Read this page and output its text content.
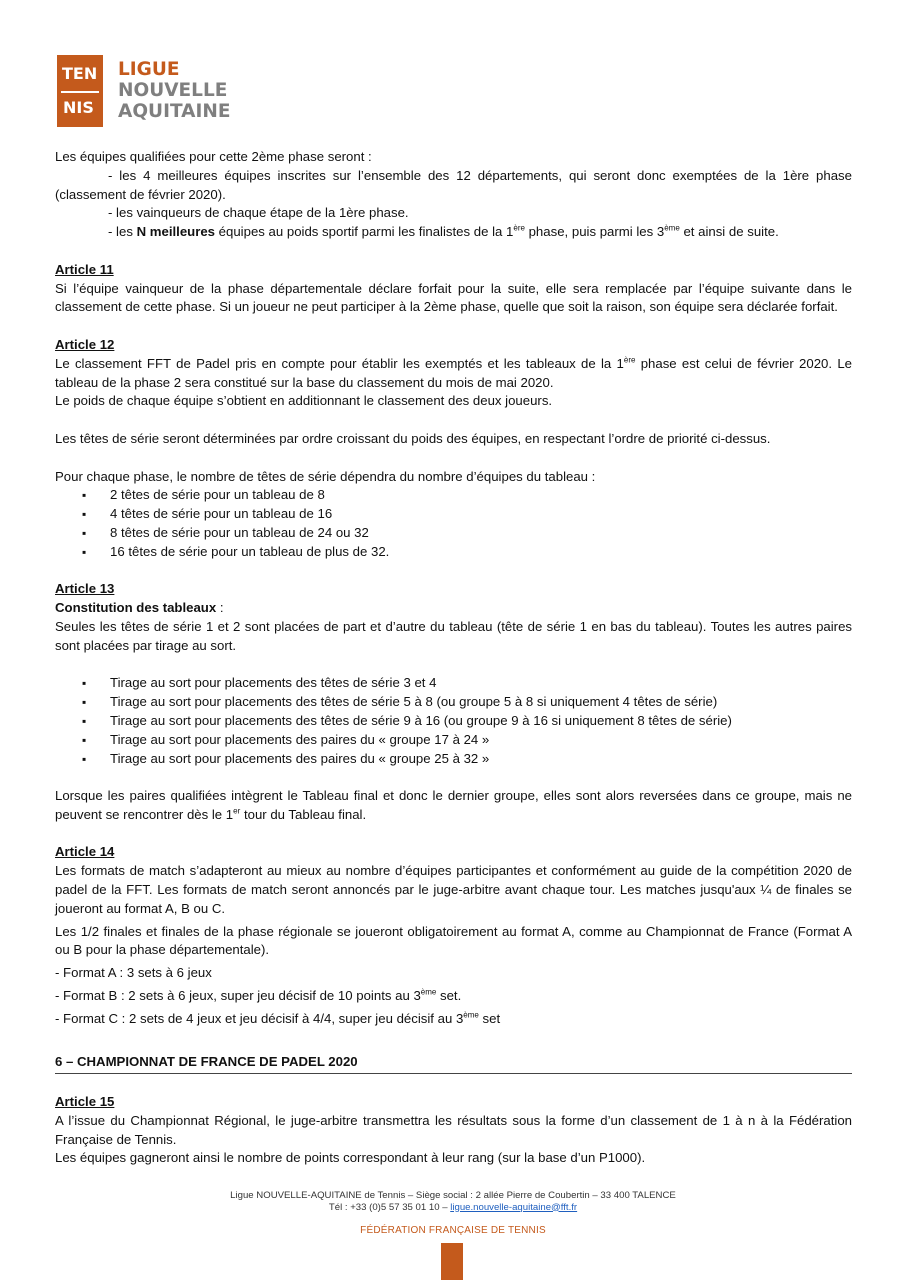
TEN
NIS
LIGUE
NOUVELLE
AQUITAINE

Les équipes qualifiées pour cette 2ème phase seront :

- les 4 meilleures équipes inscrites sur l’ensemble des 12 départements, qui seront donc exemptées de la 1ère phase (classement de février 2020).

- les vainqueurs de chaque étape de la 1ère phase.

- les N meilleures équipes au poids sportif parmi les finalistes de la 1ère phase, puis parmi les 3ème et ainsi de suite.

Article 11

Si l’équipe vainqueur de la phase départementale déclare forfait pour la suite, elle sera remplacée par l’équipe suivante dans le classement de cette phase. Si un joueur ne peut participer à la 2ème phase, quelle que soit la raison, son équipe sera déclarée forfait.

Article 12

Le classement FFT de Padel pris en compte pour établir les exemptés et les tableaux de la 1ère phase est celui de février 2020. Le tableau de la phase 2 sera constitué sur la base du classement du mois de mai 2020.

Le poids de chaque équipe s’obtient en additionnant le classement des deux joueurs.

Les têtes de série seront déterminées par ordre croissant du poids des équipes, en respectant l’ordre de priorité ci-dessus.

Pour chaque phase, le nombre de têtes de série dépendra du nombre d’équipes du tableau :

▪ 2 têtes de série pour un tableau de 8
▪ 4 têtes de série pour un tableau de 16
▪ 8 têtes de série pour un tableau de 24 ou 32
▪ 16 têtes de série pour un tableau de plus de 32.

Article 13

Constitution des tableaux :

Seules les têtes de série 1 et 2 sont placées de part et d’autre du tableau (tête de série 1 en bas du tableau). Toutes les autres paires sont placées par tirage au sort.

▪ Tirage au sort pour placements des têtes de série 3 et 4
▪ Tirage au sort pour placements des têtes de série 5 à 8 (ou groupe 5 à 8 si uniquement 4 têtes de série)
▪ Tirage au sort pour placements des têtes de série 9 à 16 (ou groupe 9 à 16 si uniquement 8 têtes de série)
▪ Tirage au sort pour placements des paires du « groupe 17 à 24 »
▪ Tirage au sort pour placements des paires du « groupe 25 à 32 »

Lorsque les paires qualifiées intègrent le Tableau final et donc le dernier groupe, elles sont alors reversées dans ce groupe, mais ne peuvent se rencontrer dès le 1er tour du Tableau final.

Article 14

Les formats de match s’adapteront au mieux au nombre d’équipes participantes et conformément au guide de la compétition 2020 de padel de la FFT. Les formats de match seront annoncés par le juge-arbitre avant chaque tour. Les matches jusqu'aux ¼ de finales se joueront au format A, B ou C.

Les 1/2 finales et finales de la phase régionale se joueront obligatoirement au format A, comme au Championnat de France (Format A ou B pour la phase départementale).

- Format A : 3 sets à 6 jeux

- Format B : 2 sets à 6 jeux, super jeu décisif de 10 points au 3ème set.

- Format C : 2 sets de 4 jeux et jeu décisif à 4/4, super jeu décisif au 3ème set

6 – CHAMPIONNAT DE FRANCE DE PADEL 2020

Article 15

A l’issue du Championnat Régional, le juge-arbitre transmettra les résultats sous la forme d’un classement de 1 à n à la Fédération Française de Tennis.

Les équipes gagneront ainsi le nombre de points correspondant à leur rang (sur la base d’un P1000).

Ligue NOUVELLE-AQUITAINE de Tennis – Siège social : 2 allée Pierre de Coubertin – 33 400 TALENCE
Tél : +33 (0)5 57 35 01 10 – ligue.nouvelle-aquitaine@fft.fr
FÉDÉRATION FRANÇAISE DE TENNIS
